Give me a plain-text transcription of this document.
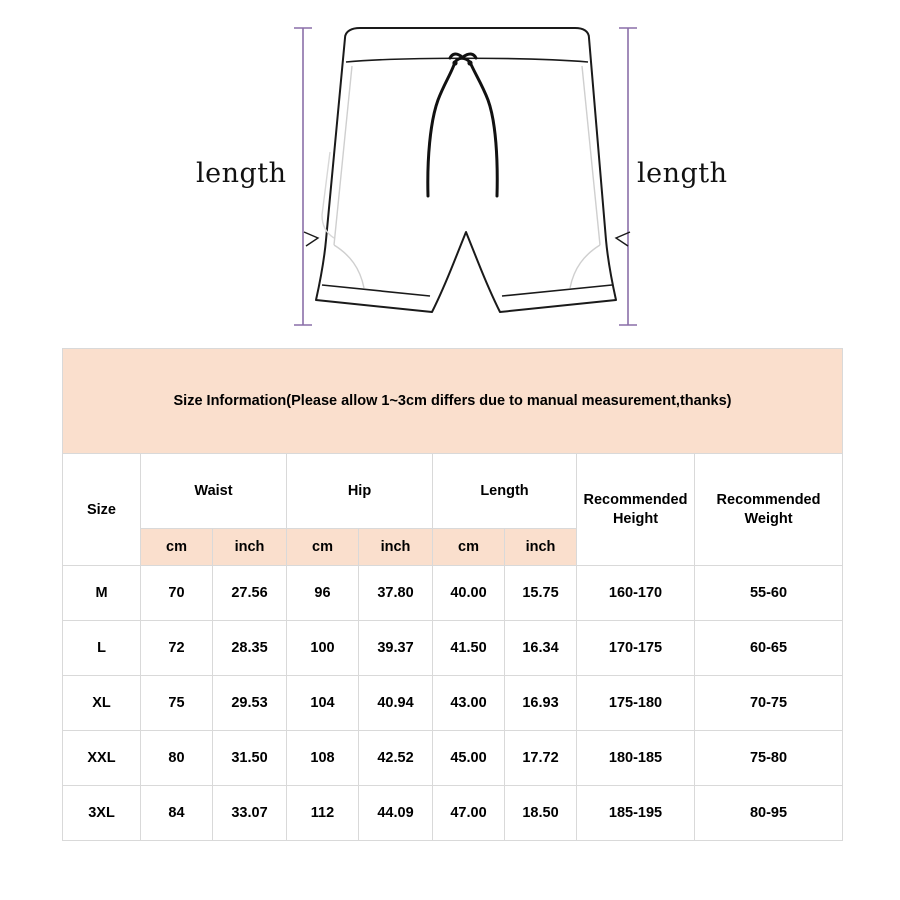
length	length
Size Information(Please allow 1~3cm differs due to manual measurement,thanks)								
Size	Waist		Hip		Length		Recommended Height	Recommended Weight
	cm	inch	cm	inch	cm	inch		
M	70	27.56	96	37.80	40.00	15.75	160-170	55-60
L	72	28.35	100	39.37	41.50	16.34	170-175	60-65
XL	75	29.53	104	40.94	43.00	16.93	175-180	70-75
XXL	80	31.50	108	42.52	45.00	17.72	180-185	75-80
3XL	84	33.07	112	44.09	47.00	18.50	185-195	80-95
